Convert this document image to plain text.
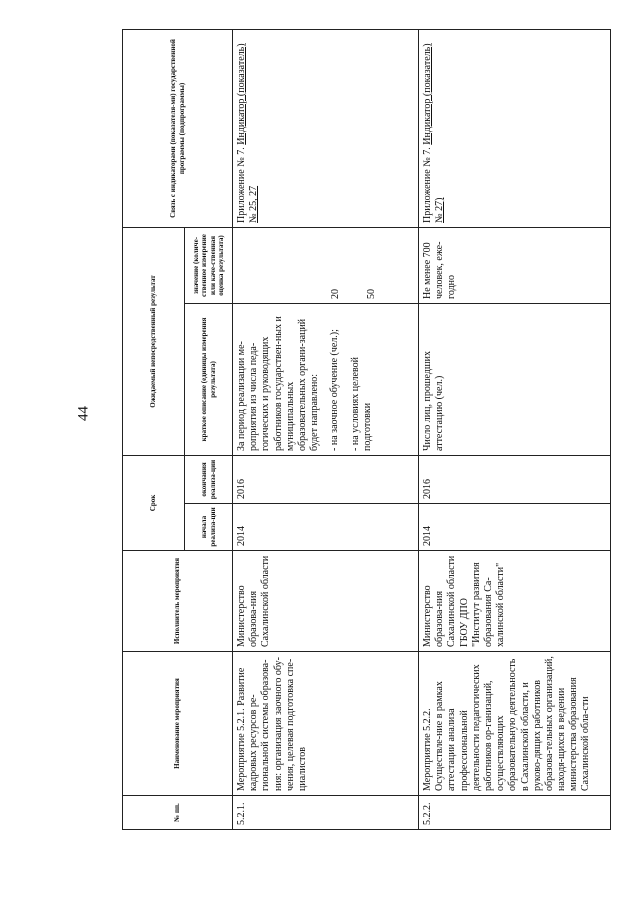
44
№ пп.	Наименование мероприятия	Исполнитель мероприятия	Срок		Ожидаемый непосредственный результат		Связь с индикаторами (показателя-ми) государственной программы (подпрограммы)
			начала реализа-ции	окончания реализа-ции	краткое описание (единицы измерения результата)	значение (количе-ственное измерение или каче-ственная оценка результата)	
5.2.1.	Мероприятие 5.2.1. Развитие кадровых ресурсов ре-гиональной системы образова-ния: организация заочного обу-чения, целевая подготовка спе-циалистов	Министерство образова-ния Сахалинской области	2014	2016	За период реализации ме-роприятия из числа педа-гогических и руководящих работников государствен-ных и муниципальных образовательных органи-заций будет направлено: - на заочное обучение (чел.); - на условиях целевой подготовки	20 50	Приложение № 7. Индикатор (показатель) № 25, 27
5.2.2.	Мероприятие 5.2.2. Осуществле-ние в рамках аттестации анализа профессиональной деятельности педагогических работников ор-ганизаций, осуществляющих образовательную деятельность в Сахалинской области, и руково-дящих работников образова-тельных организаций, находя-щихся в ведении министерства образования Сахалинской обла-сти	Министерство образова-ния Сахалинской области ГБОУ ДПО "Институт развития образования Са-халинской области"	2014	2016	Число лиц, прошедших аттестацию (чел.)	Не менее 700 человек, еже-годно	Приложение № 7. Индикатор (показатель) № 27)
